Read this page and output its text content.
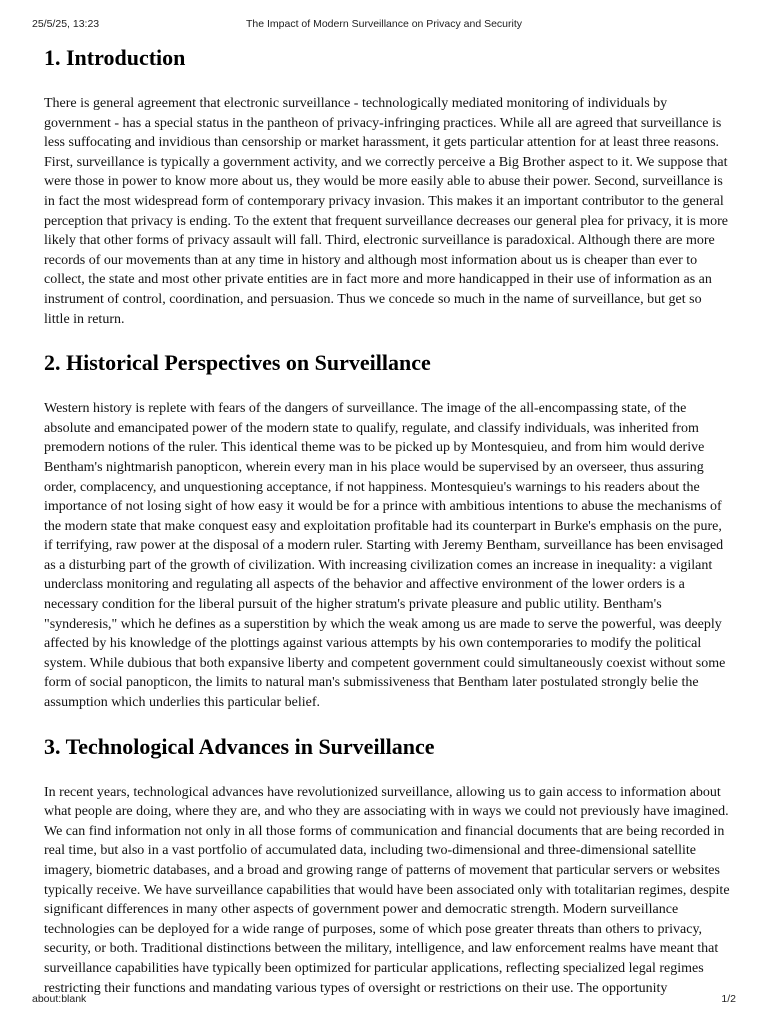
25/5/25, 13:23	The Impact of Modern Surveillance on Privacy and Security
1. Introduction

There is general agreement that electronic surveillance - technologically mediated monitoring of individuals by government - has a special status in the pantheon of privacy-infringing practices. While all are agreed that surveillance is less suffocating and invidious than censorship or market harassment, it gets particular attention for at least three reasons. First, surveillance is typically a government activity, and we correctly perceive a Big Brother aspect to it. We suppose that were those in power to know more about us, they would be more easily able to abuse their power. Second, surveillance is in fact the most widespread form of contemporary privacy invasion. This makes it an important contributor to the general perception that privacy is ending. To the extent that frequent surveillance decreases our general plea for privacy, it is more likely that other forms of privacy assault will fall. Third, electronic surveillance is paradoxical. Although there are more records of our movements than at any time in history and although most information about us is cheaper than ever to collect, the state and most other private entities are in fact more and more handicapped in their use of information as an instrument of control, coordination, and persuasion. Thus we concede so much in the name of surveillance, but get so little in return.

2. Historical Perspectives on Surveillance

Western history is replete with fears of the dangers of surveillance. The image of the all-encompassing state, of the absolute and emancipated power of the modern state to qualify, regulate, and classify individuals, was inherited from premodern notions of the ruler. This identical theme was to be picked up by Montesquieu, and from him would derive Bentham's nightmarish panopticon, wherein every man in his place would be supervised by an overseer, thus assuring order, complacency, and unquestioning acceptance, if not happiness. Montesquieu's warnings to his readers about the importance of not losing sight of how easy it would be for a prince with ambitious intentions to abuse the mechanisms of the modern state that make conquest easy and exploitation profitable had its counterpart in Burke's emphasis on the pure, if terrifying, raw power at the disposal of a modern ruler. Starting with Jeremy Bentham, surveillance has been envisaged as a disturbing part of the growth of civilization. With increasing civilization comes an increase in inequality: a vigilant underclass monitoring and regulating all aspects of the behavior and affective environment of the lower orders is a necessary condition for the liberal pursuit of the higher stratum's private pleasure and public utility. Bentham's "synderesis," which he defines as a superstition by which the weak among us are made to serve the powerful, was deeply affected by his knowledge of the plottings against various attempts by his own contemporaries to modify the political system. While dubious that both expansive liberty and competent government could simultaneously coexist without some form of social panopticon, the limits to natural man's submissiveness that Bentham later postulated strongly belie the assumption which underlies this particular belief.

3. Technological Advances in Surveillance

In recent years, technological advances have revolutionized surveillance, allowing us to gain access to information about what people are doing, where they are, and who they are associating with in ways we could not previously have imagined. We can find information not only in all those forms of communication and financial documents that are being recorded in real time, but also in a vast portfolio of accumulated data, including two-dimensional and three-dimensional satellite imagery, biometric databases, and a broad and growing range of patterns of movement that particular servers or websites typically receive. We have surveillance capabilities that would have been associated only with totalitarian regimes, despite significant differences in many other aspects of government power and democratic strength. Modern surveillance technologies can be deployed for a wide range of purposes, some of which pose greater threats than others to privacy, security, or both. Traditional distinctions between the military, intelligence, and law enforcement realms have meant that surveillance capabilities have typically been optimized for particular applications, reflecting specialized legal regimes restricting their functions and mandating various types of oversight or restrictions on their use. The opportunity

about:blank	1/2
